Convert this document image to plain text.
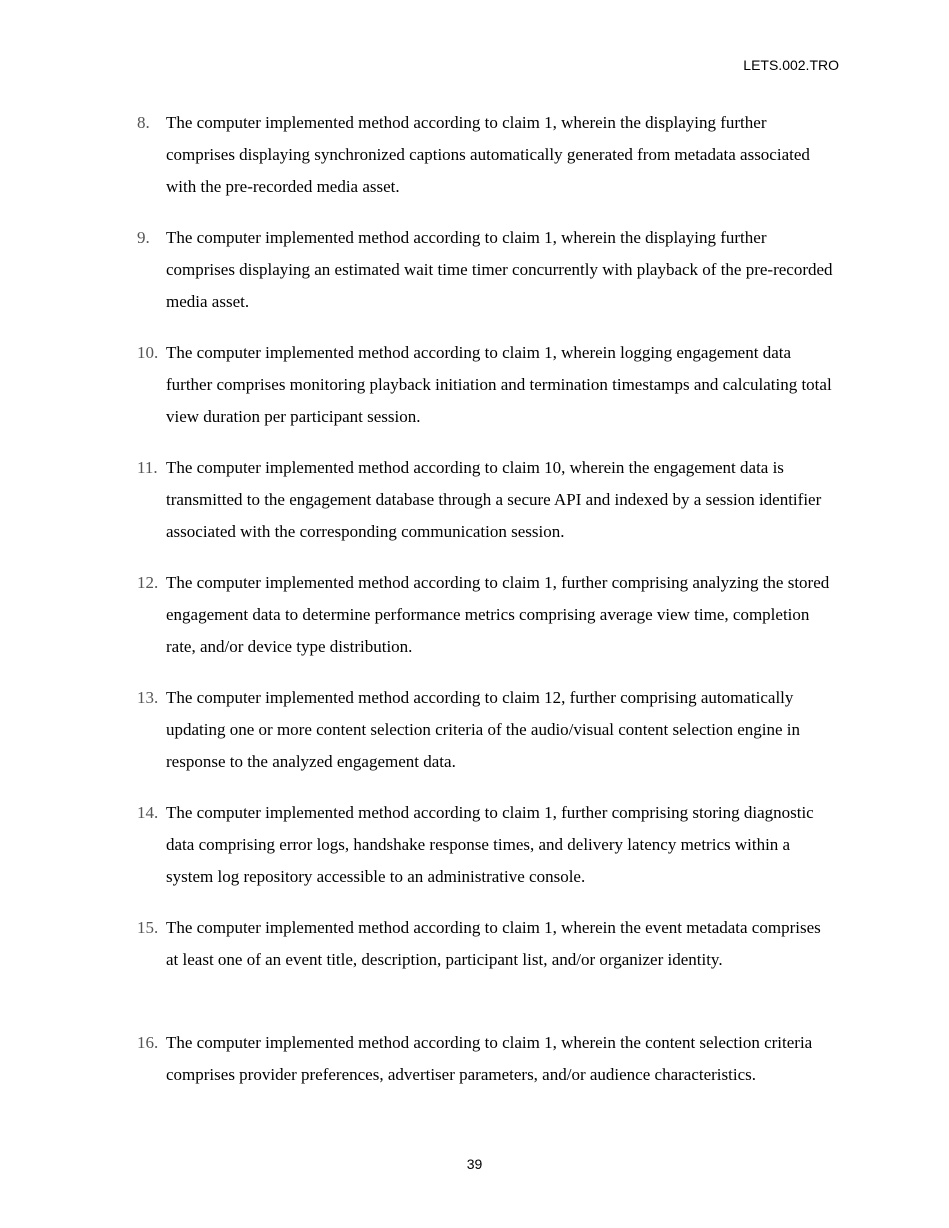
LETS.002.TRO
8. The computer implemented method according to claim 1, wherein the displaying further comprises displaying synchronized captions automatically generated from metadata associated with the pre-recorded media asset.
9. The computer implemented method according to claim 1, wherein the displaying further comprises displaying an estimated wait time timer concurrently with playback of the pre-recorded media asset.
10. The computer implemented method according to claim 1, wherein logging engagement data further comprises monitoring playback initiation and termination timestamps and calculating total view duration per participant session.
11. The computer implemented method according to claim 10, wherein the engagement data is transmitted to the engagement database through a secure API and indexed by a session identifier associated with the corresponding communication session.
12. The computer implemented method according to claim 1, further comprising analyzing the stored engagement data to determine performance metrics comprising average view time, completion rate, and/or device type distribution.
13. The computer implemented method according to claim 12, further comprising automatically updating one or more content selection criteria of the audio/visual content selection engine in response to the analyzed engagement data.
14. The computer implemented method according to claim 1, further comprising storing diagnostic data comprising error logs, handshake response times, and delivery latency metrics within a system log repository accessible to an administrative console.
15. The computer implemented method according to claim 1, wherein the event metadata comprises at least one of an event title, description, participant list, and/or organizer identity.
16. The computer implemented method according to claim 1, wherein the content selection criteria comprises provider preferences, advertiser parameters, and/or audience characteristics.
39
